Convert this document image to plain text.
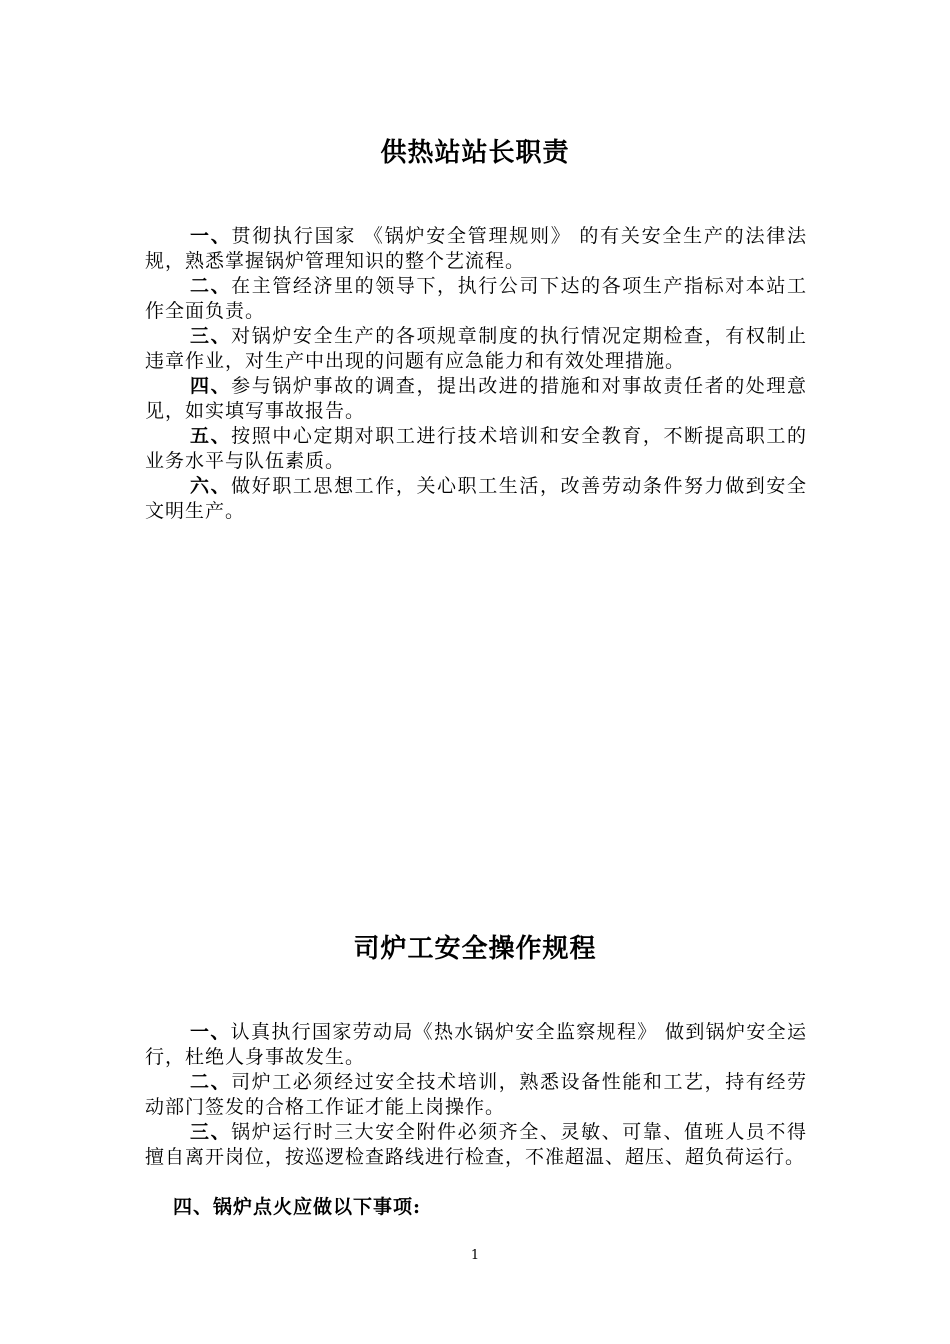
供热站站长职责

一、贯彻执行国家 《锅炉安全管理规则》 的有关安全生产的法律法规，熟悉掌握锅炉管理知识的整个艺流程。

二、在主管经济里的领导下，执行公司下达的各项生产指标对本站工作全面负责。

三、对锅炉安全生产的各项规章制度的执行情况定期检查，有权制止违章作业，对生产中出现的问题有应急能力和有效处理措施。

四、参与锅炉事故的调查，提出改进的措施和对事故责任者的处理意见，如实填写事故报告。

五、按照中心定期对职工进行技术培训和安全教育，不断提高职工的业务水平与队伍素质。

六、做好职工思想工作，关心职工生活，改善劳动条件努力做到安全文明生产。

司炉工安全操作规程

一、认真执行国家劳动局《热水锅炉安全监察规程》 做到锅炉安全运行，杜绝人身事故发生。

二、司炉工必须经过安全技术培训，熟悉设备性能和工艺，持有经劳动部门签发的合格工作证才能上岗操作。

三、锅炉运行时三大安全附件必须齐全、灵敏、可靠、值班人员不得擅自离开岗位，按巡逻检查路线进行检查，不准超温、超压、超负荷运行。

四、锅炉点火应做以下事项:

1
